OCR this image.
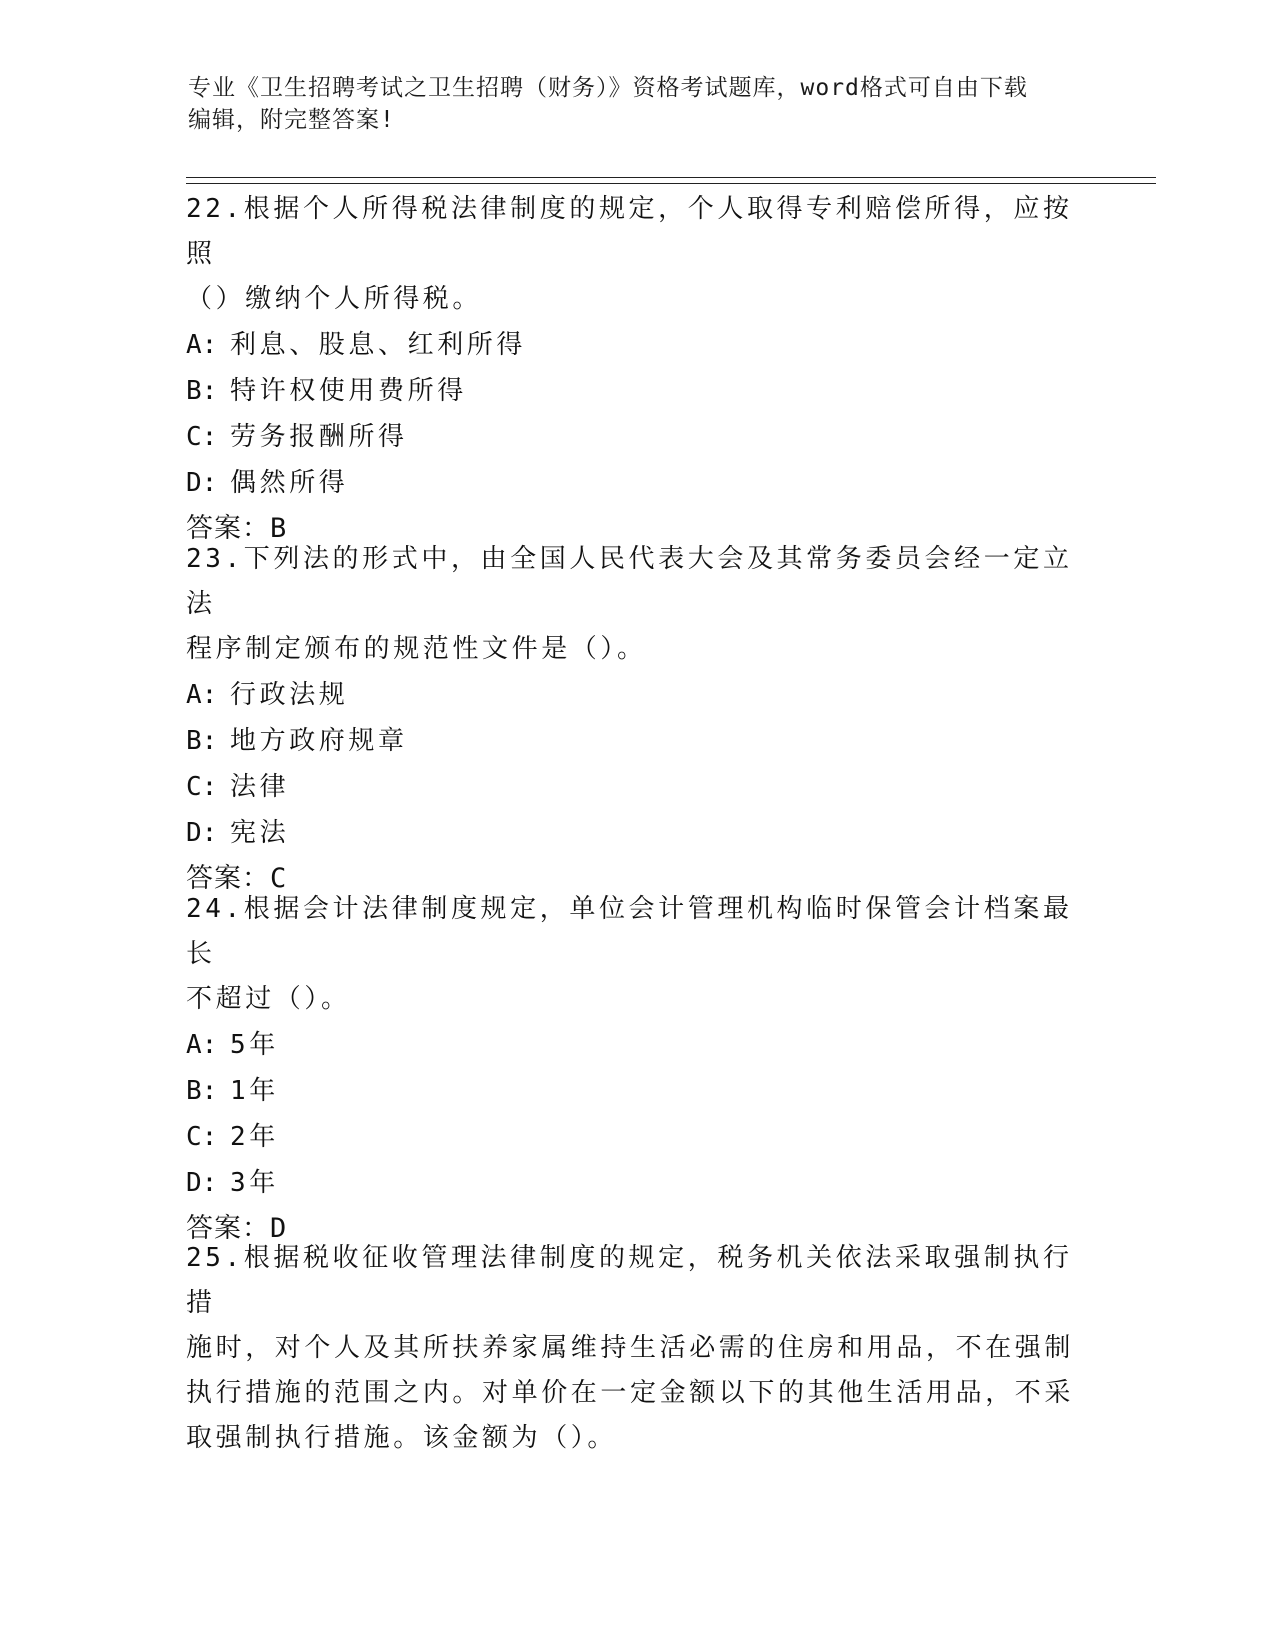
专业《卫生招聘考试之卫生招聘（财务）》资格考试题库，word格式可自由下载
编辑，附完整答案!

22.根据个人所得税法律制度的规定，个人取得专利赔偿所得，应按照

（）缴纳个人所得税。

A: 利息、股息、红利所得
B: 特许权使用费所得
C: 劳务报酬所得
D: 偶然所得

答案：B

23.下列法的形式中，由全国人民代表大会及其常务委员会经一定立法

程序制定颁布的规范性文件是（）。

A: 行政法规
B: 地方政府规章
C: 法律
D: 宪法

答案：C

24.根据会计法律制度规定，单位会计管理机构临时保管会计档案最长

不超过（）。

A: 5年
B: 1年
C: 2年
D: 3年

答案：D

25.根据税收征收管理法律制度的规定，税务机关依法采取强制执行措

施时，对个人及其所扶养家属维持生活必需的住房和用品，不在强制

执行措施的范围之内。对单价在一定金额以下的其他生活用品，不采

取强制执行措施。该金额为（）。
